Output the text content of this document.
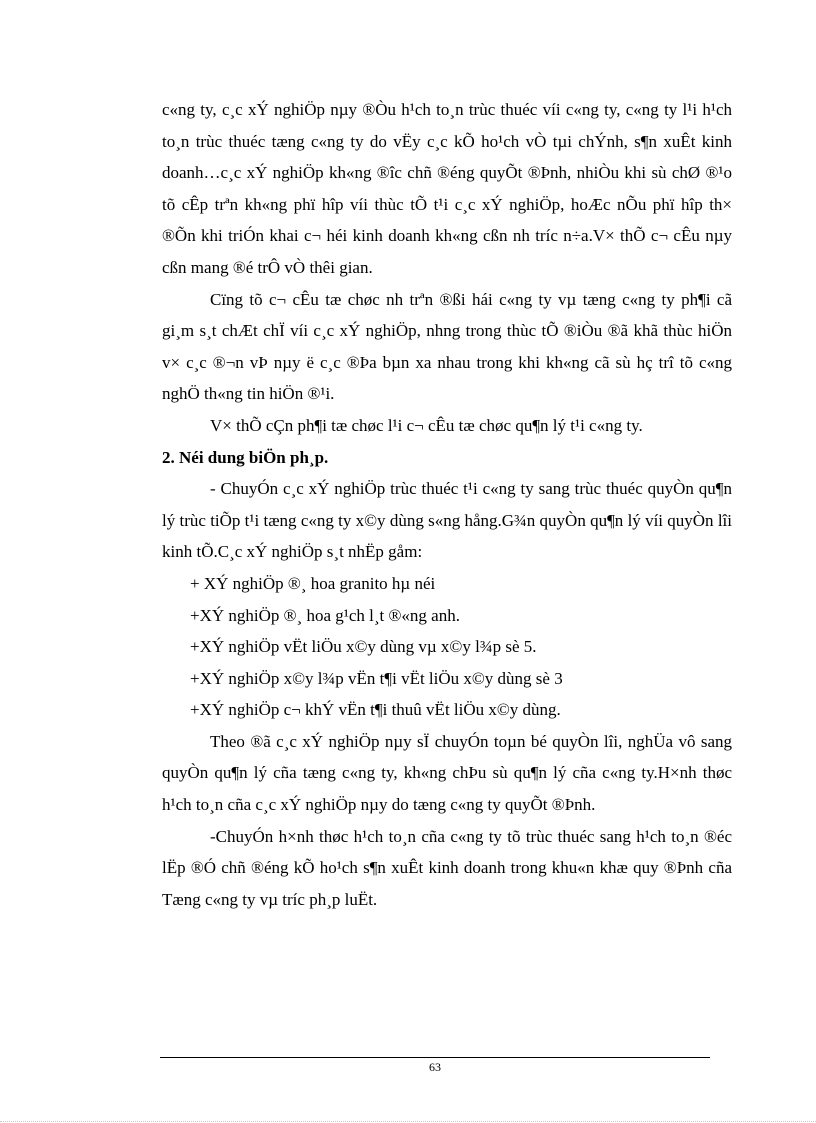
c«ng ty, c¸c xÝ nghiÖp nµy ®Òu h¹ch to¸n trùc thuéc víi c«ng ty, c«ng ty l¹i h¹ch to¸n trùc thuéc tæng c«ng ty do vËy c¸c kÕ ho¹ch vÒ tµi chÝnh, s¶n xuÊt kinh doanh…c¸c xÝ nghiÖp kh«ng ®îc chñ ®éng quyÕt ®Þnh, nhiÒu khi sù chØ ®¹o tõ cÊp trªn kh«ng phï hîp víi thùc tÕ t¹i c¸c xÝ nghiÖp, hoÆc nÕu phï hîp th× ®Õn khi triÓn khai c¬ héi kinh doanh kh«ng cßn nh tríc n÷a.V× thÕ c¬ cÊu nµy cßn mang ®é trÔ vÒ thêi gian.

Cïng tõ c¬ cÊu tæ chøc nh trªn ®ßi hái c«ng ty vµ tæng c«ng ty ph¶i cã gi¸m s¸t chÆt chÏ víi c¸c xÝ nghiÖp, nhng trong thùc tÕ ®iÒu ®ã khã thùc hiÖn v× c¸c ®¬n vÞ nµy ë c¸c ®Þa bµn xa nhau trong khi kh«ng cã sù hç trî tõ c«ng nghÖ th«ng tin hiÖn ®¹i.

V× thÕ cÇn ph¶i tæ chøc l¹i c¬ cÊu tæ chøc qu¶n lý t¹i c«ng ty.

2. Néi dung biÖn ph¸p.

- ChuyÓn c¸c xÝ nghiÖp trùc thuéc t¹i c«ng ty sang trùc thuéc quyÒn qu¶n lý trùc tiÕp t¹i tæng c«ng ty x©y dùng s«ng hång.G¾n quyÒn qu¶n lý víi quyÒn lîi kinh tÕ.C¸c xÝ nghiÖp s¸t nhËp gåm:

+ XÝ nghiÖp ®¸ hoa granito hµ néi

+XÝ nghiÖp ®¸ hoa g¹ch l¸t ®«ng anh.

+XÝ nghiÖp vËt liÖu x©y dùng vµ x©y l¾p sè 5.

+XÝ nghiÖp x©y l¾p vËn t¶i vËt liÖu x©y dùng sè 3

+XÝ nghiÖp c¬ khÝ vËn t¶i thuû vËt liÖu x©y dùng.

Theo ®ã c¸c xÝ nghiÖp nµy sÏ chuyÓn toµn bé quyÒn lîi, nghÜa vô sang quyÒn qu¶n lý cña tæng c«ng ty, kh«ng chÞu sù qu¶n lý cña c«ng ty.H×nh thøc h¹ch to¸n cña c¸c xÝ nghiÖp nµy do tæng c«ng ty quyÕt ®Þnh.

-ChuyÓn h×nh thøc h¹ch to¸n cña c«ng ty tõ trùc thuéc sang h¹ch to¸n ®éc lËp ®Ó chñ ®éng kÕ ho¹ch s¶n xuÊt kinh doanh trong khu«n khæ quy ®Þnh cña Tæng c«ng ty vµ tríc ph¸p luËt.

63
